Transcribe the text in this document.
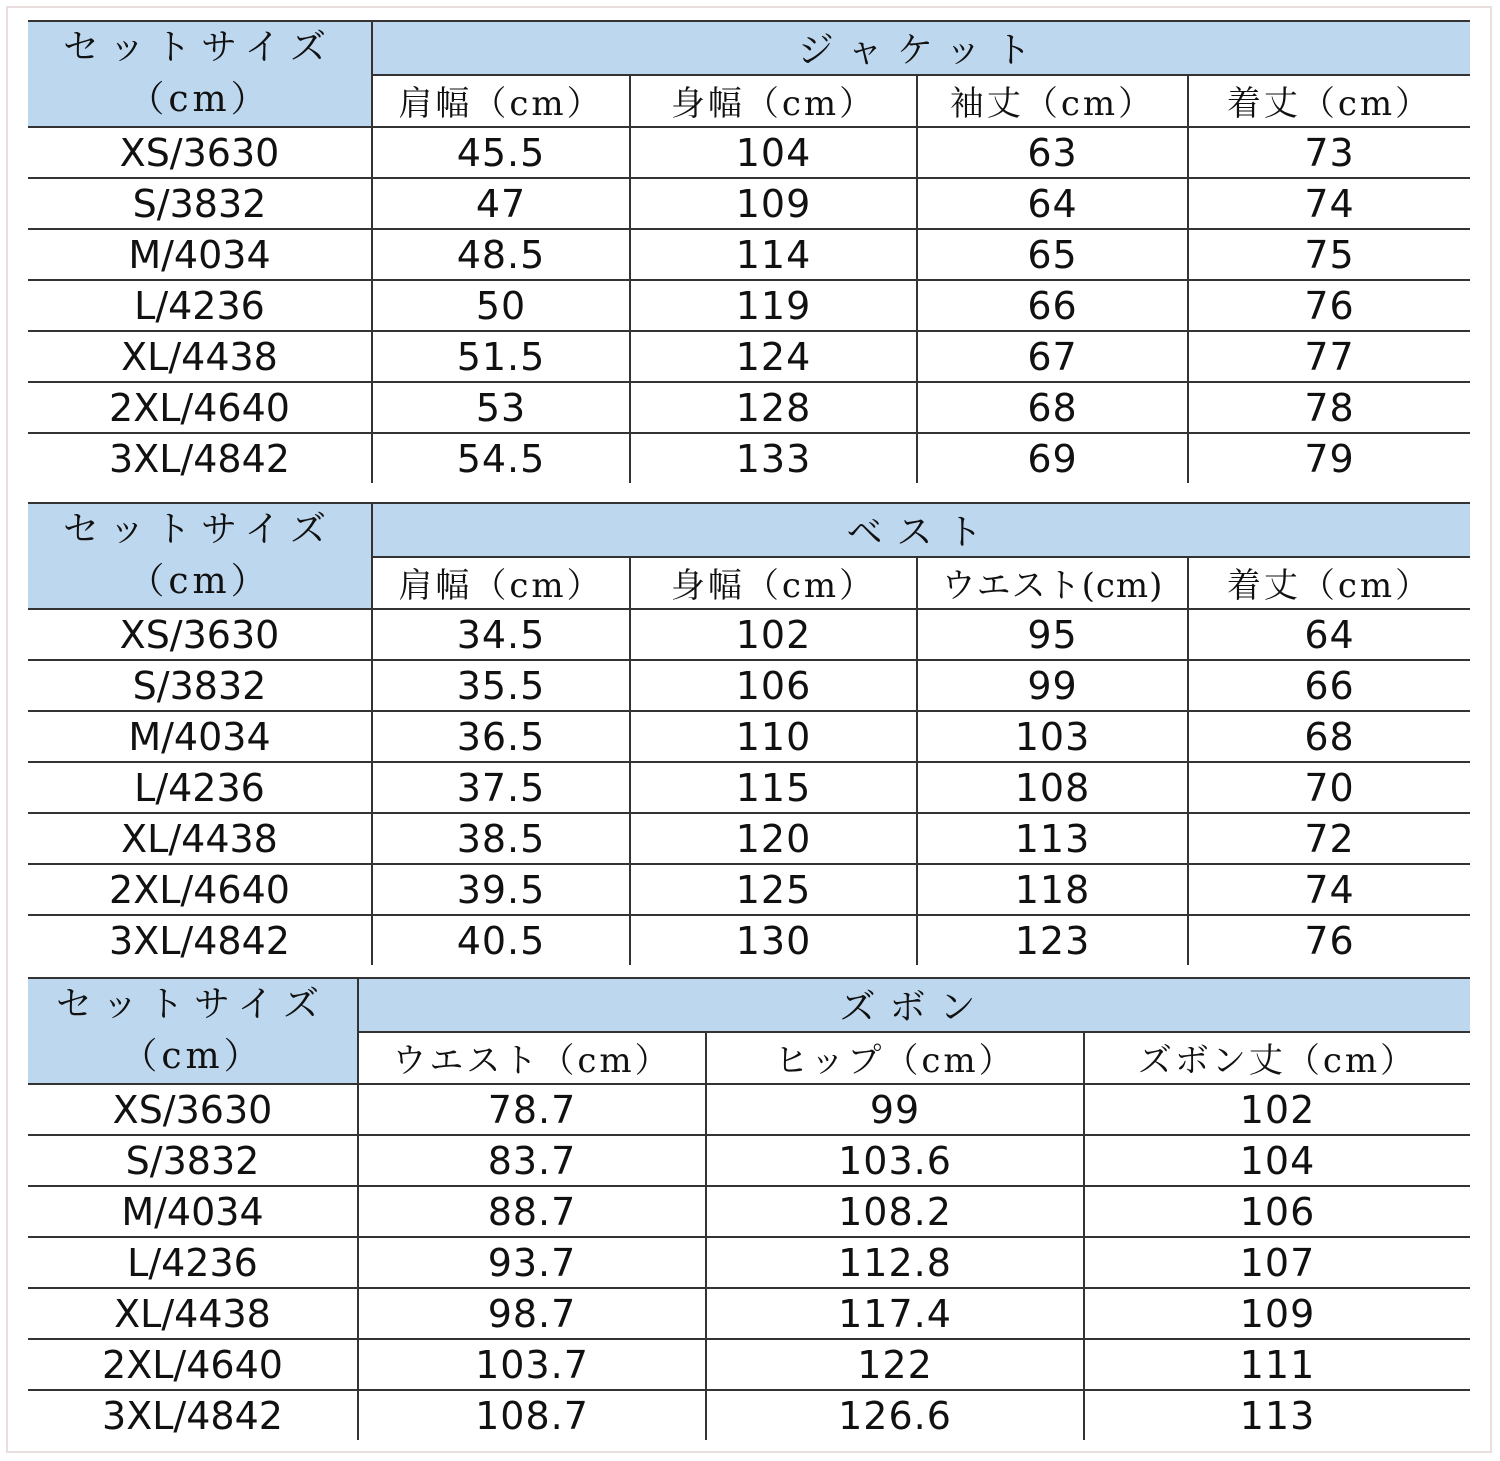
セットサイズ
（cm）	ジャケット			
	肩幅（cm）	身幅（cm）	袖丈（cm）	着丈（cm）
XS/3630	45.5	104	63	73
S/3832	47	109	64	74
M/4034	48.5	114	65	75
L/4236	50	119	66	76
XL/4438	51.5	124	67	77
2XL/4640	53	128	68	78
3XL/4842	54.5	133	69	79
セットサイズ
（cm）	ベスト			
	肩幅（cm）	身幅（cm）	ウエスト(cm)	着丈（cm）
XS/3630	34.5	102	95	64
S/3832	35.5	106	99	66
M/4034	36.5	110	103	68
L/4236	37.5	115	108	70
XL/4438	38.5	120	113	72
2XL/4640	39.5	125	118	74
3XL/4842	40.5	130	123	76
セットサイズ
（cm）	ズボン		
	ウエスト（cm）	ヒップ（cm）	ズボン丈（cm）
XS/3630	78.7	99	102
S/3832	83.7	103.6	104
M/4034	88.7	108.2	106
L/4236	93.7	112.8	107
XL/4438	98.7	117.4	109
2XL/4640	103.7	122	111
3XL/4842	108.7	126.6	113
